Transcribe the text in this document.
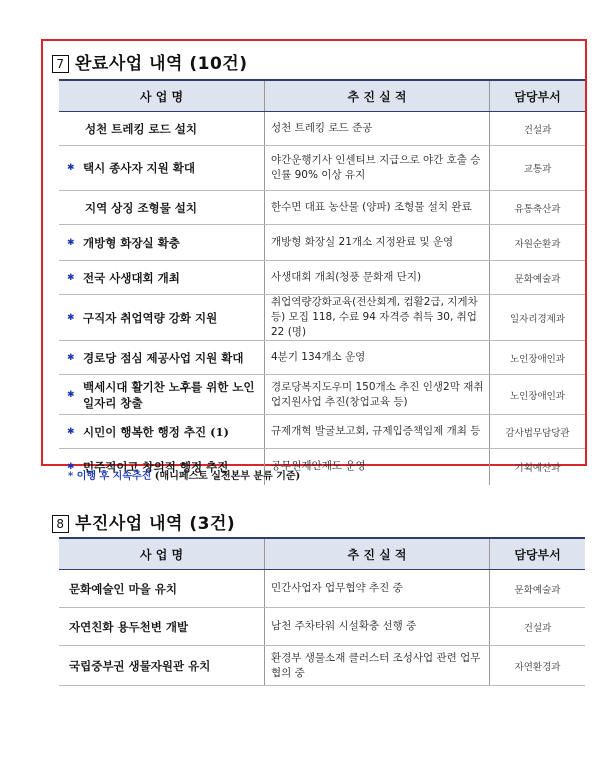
7 완료사업 내역 (10건)
사 업 명	추 진 실 적	담당부서

성천 트레킹 로드 설치	성천 트레킹 로드 준공	건설과

✱ 택시 종사자 지원 확대	야간운행기사 인센티브 지급으로 야간 호출 승인률 90% 이상 유지	교통과

지역 상징 조형물 설치	한수면 대표 농산물 (양파) 조형물 설치 완료	유통축산과

✱ 개방형 화장실 확충	개방형 화장실 21개소 지정완료 및 운영	자원순환과

✱ 전국 사생대회 개최	사생대회 개최(청풍 문화재 단지)	문화예술과

✱ 구직자 취업역량 강화 지원	취업역량강화교육(전산회계, 컴활2급, 지게차 등) 모집 118, 수료 94 자격증 취득 30, 취업 22 (명)	일자리경제과

✱ 경로당 점심 제공사업 지원 확대	4분기 134개소 운영	노인장애인과

✱
백세시대 활기찬 노후를 위한 노인일자리 창출	경로당복지도우미 150개소 추진 인생2막 재취업지원사업 추진(창업교육 등)	노인장애인과

✱ 시민이 행복한 행정 추진 (1)	규제개혁 발굴보고회, 규제입증책임제 개최 등	감사법무담당관

✱ 민주적이고 창의적 행정 추진	공무원제안제도 운영	기획예산과
* 이행 후 지속추진 (매니페스토 실천본부 분류 기준)
8 부진사업 내역 (3건)
사 업 명	추 진 실 적	담당부서

문화예술인 마을 유치	민간사업자 업무협약 추진 중	문화예술과

자연친화 용두천변 개발	남천 주차타워 시설확충 선행 중	건설과

국립중부권 생물자원관 유치	환경부 생물소재 클러스터 조성사업 관련 업무협의 중	자연환경과
